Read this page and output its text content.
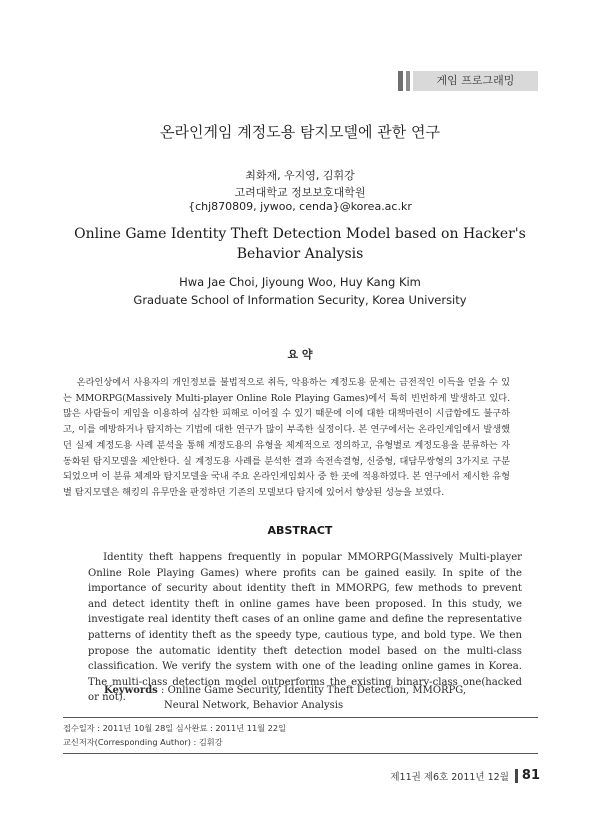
게임 프로그래밍
온라인게임 계정도용 탐지모델에 관한 연구
최화재, 우지영, 김휘강
고려대학교 정보보호대학원
{chj870809, jywoo, cenda}@korea.ac.kr
Online Game Identity Theft Detection Model based on Hacker's Behavior Analysis
Hwa Jae Choi, Jiyoung Woo, Huy Kang Kim
Graduate School of Information Security, Korea University
요 약
온라인상에서 사용자의 개인정보를 불법적으로 취득, 악용하는 계정도용 문제는 금전적인 이득을 얻을 수 있는 MMORPG(Massively Multi-player Online Role Playing Games)에서 특히 빈번하게 발생하고 있다. 많은 사람들이 게임을 이용하여 심각한 피해로 이어질 수 있기 때문에 이에 대한 대책마련이 시급함에도 불구하고, 이를 예방하거나 탐지하는 기법에 대한 연구가 많이 부족한 실정이다. 본 연구에서는 온라인게임에서 발생했던 실제 계정도용 사례 분석을 통해 계정도용의 유형을 체계적으로 정의하고, 유형별로 계정도용을 분류하는 자동화된 탐지모델을 제안한다. 실 계정도용 사례를 분석한 결과 속전속결형, 신중형, 대담무쌍형의 3가지로 구분되었으며 이 분류 체계와 탐지모델을 국내 주요 온라인게임회사 중 한 곳에 적용하였다. 본 연구에서 제시한 유형별 탐지모델은 해킹의 유무만을 판정하던 기존의 모델보다 탐지에 있어서 향상된 성능을 보였다.
ABSTRACT
Identity theft happens frequently in popular MMORPG(Massively Multi-player Online Role Playing Games) where profits can be gained easily. In spite of the importance of security about identity theft in MMORPG, few methods to prevent and detect identity theft in online games have been proposed. In this study, we investigate real identity theft cases of an online game and define the representative patterns of identity theft as the speedy type, cautious type, and bold type. We then propose the automatic identity theft detection model based on the multi-class classification. We verify the system with one of the leading online games in Korea. The multi-class detection model outperforms the existing binary-class one(hacked or not).
Keywords : Online Game Security, Identity Theft Detection, MMORPG,
Neural Network, Behavior Analysis
접수일자 : 2011년 10월 28일 심사완료 : 2011년 11월 22일
교신저자(Corresponding Author) : 김휘강
제11권 제6호 2011년 12월 81
